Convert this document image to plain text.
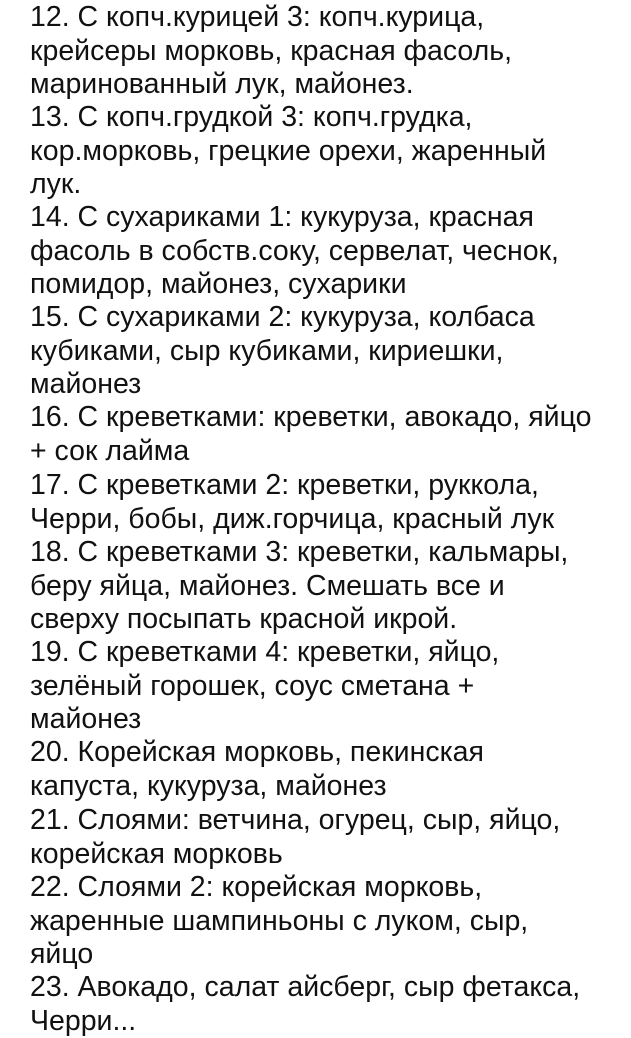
12. С копч.курицей 3: копч.курица,
крейсеры морковь, красная фасоль,
маринованный лук, майонез.
13. С копч.грудкой 3: копч.грудка,
кор.морковь, грецкие орехи, жаренный
лук.
14. С сухариками 1: кукуруза, красная
фасоль в собств.соку, сервелат, чеснок,
помидор, майонез, сухарики
15. С сухариками 2: кукуруза, колбаса
кубиками, сыр кубиками, кириешки,
майонез
16. С креветками: креветки, авокадо, яйцо
+ сок лайма
17. С креветками 2: креветки, руккола,
Черри, бобы, диж.горчица, красный лук
18. С креветками 3: креветки, кальмары,
беру яйца, майонез. Смешать все и
сверху посыпать красной икрой.
19. С креветками 4: креветки, яйцо,
зелёный горошек, соус сметана +
майонез
20. Корейская морковь, пекинская
капуста, кукуруза, майонез
21. Слоями: ветчина, огурец, сыр, яйцо,
корейская морковь
22. Слоями 2: корейская морковь,
жаренные шампиньоны с луком, сыр,
яйцо
23. Авокадо, салат айсберг, сыр фетакса,
Черри...
